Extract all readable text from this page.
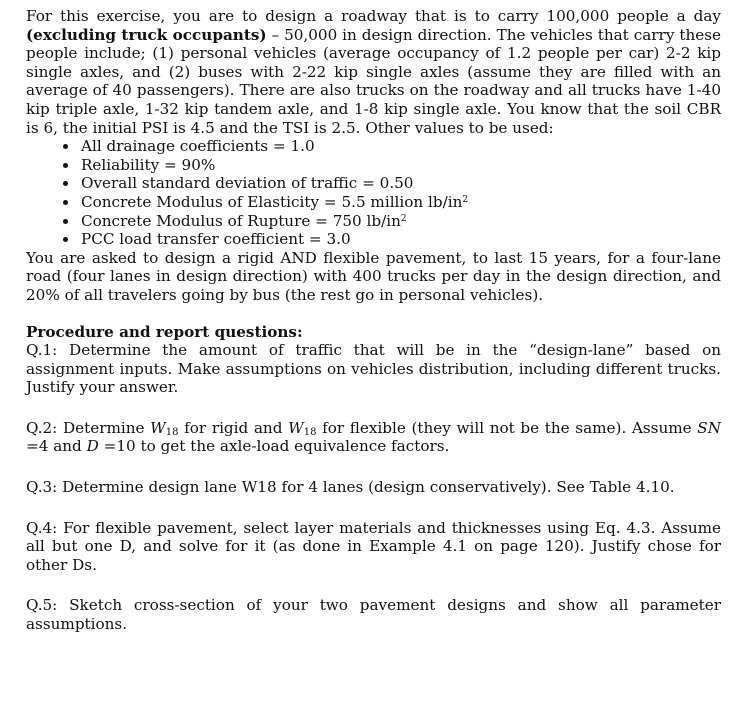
For this exercise, you are to design a roadway that is to carry 100,000 people a day (excluding truck occupants) – 50,000 in design direction. The vehicles that carry these people include; (1) personal vehicles (average occupancy of 1.2 people per car) 2-2 kip single axles, and (2) buses with 2-22 kip single axles (assume they are filled with an average of 40 passengers). There are also trucks on the roadway and all trucks have 1-40 kip triple axle, 1-32 kip tandem axle, and 1-8 kip single axle. You know that the soil CBR is 6, the initial PSI is 4.5 and the TSI is 2.5. Other values to be used:

• All drainage coefficients = 1.0
• Reliability = 90%
• Overall standard deviation of traffic = 0.50
• Concrete Modulus of Elasticity = 5.5 million $lb/in^2$
• Concrete Modulus of Rupture = 750 $lb/in^2$
• PCC load transfer coefficient = 3.0

You are asked to design a rigid AND flexible pavement, to last 15 years, for a four-lane road (four lanes in design direction) with 400 trucks per day in the design direction, and 20% of all travelers going by bus (the rest go in personal vehicles).

Procedure and report questions:

Q.1: Determine the amount of traffic that will be in the “design-lane” based on assignment inputs. Make assumptions on vehicles distribution, including different trucks. Justify your answer.

Q.2: Determine $W_{18}$ for rigid and $W_{18}$ for flexible (they will not be the same). Assume SN =4 and D =10 to get the axle-load equivalence factors.

Q.3: Determine design lane W18 for 4 lanes (design conservatively). See Table 4.10.

Q.4: For flexible pavement, select layer materials and thicknesses using Eq. 4.3. Assume all but one D, and solve for it (as done in Example 4.1 on page 120). Justify chose for other Ds.

Q.5: Sketch cross-section of your two pavement designs and show all parameter assumptions.
